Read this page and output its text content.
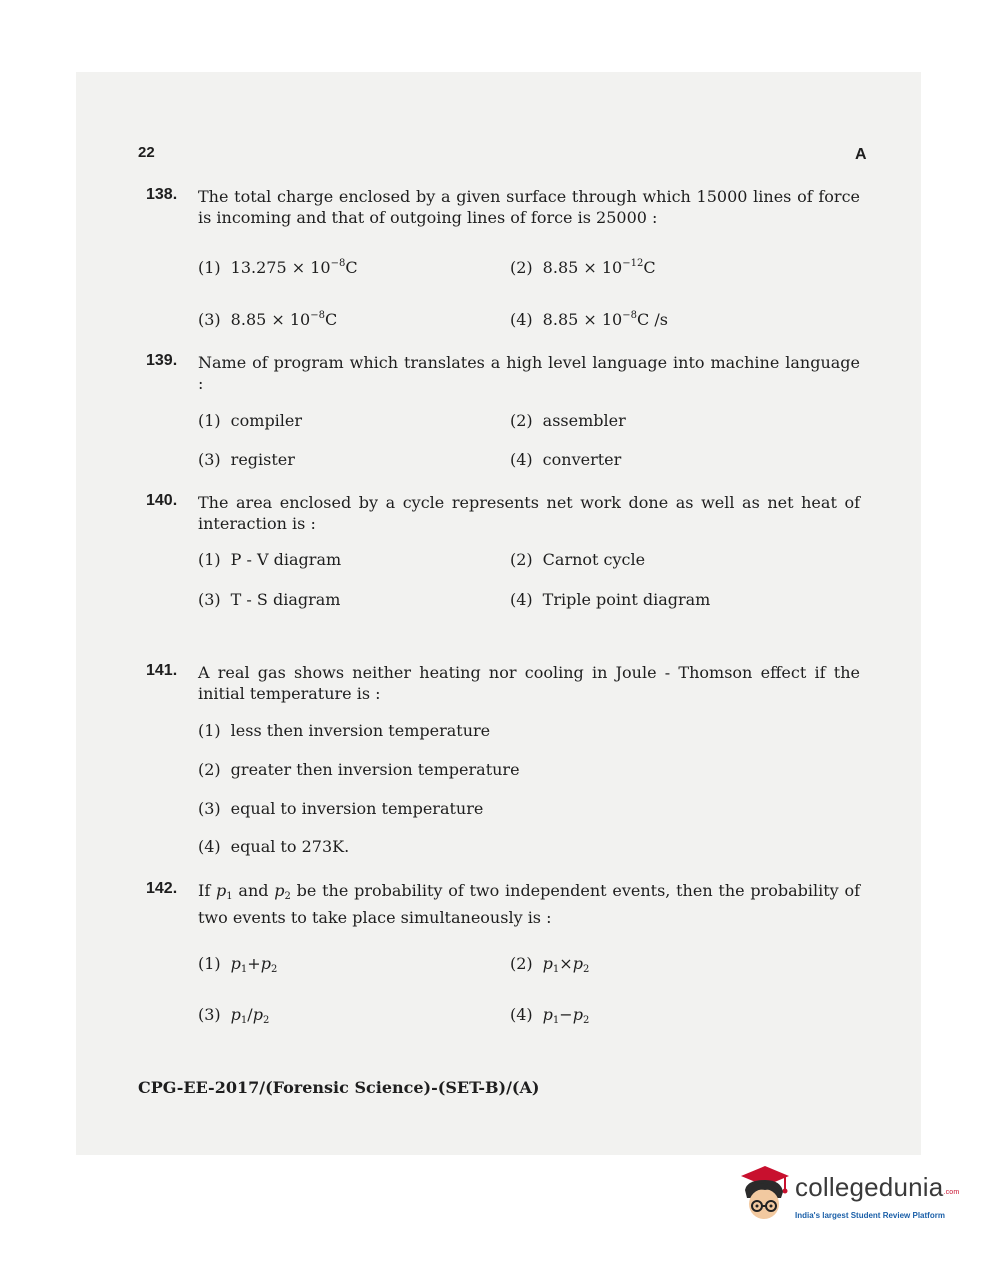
22	A
138. The total charge enclosed by a given surface through which 15000 lines of force is incoming and that of outgoing lines of force is 25000 :
(1) $13.275 \times 10^{-8}C$	(2) $8.85 \times 10^{-12}C$
(3) $8.85 \times 10^{-8}C$	(4) $8.85 \times 10^{-8}C$ /s
139. Name of program which translates a high level language into machine language :
(1) compiler	(2) assembler
(3) register	(4) converter
140. The area enclosed by a cycle represents net work done as well as net heat of interaction is :
(1) P - V diagram	(2) Carnot cycle
(3) T - S diagram	(4) Triple point diagram
141. A real gas shows neither heating nor cooling in Joule - Thomson effect if the initial temperature is :
(1) less then inversion temperature
(2) greater then inversion temperature
(3) equal to inversion temperature
(4) equal to 273K.
142. If $p_1$ and $p_2$ be the probability of two independent events, then the probability of two events to take place simultaneously is :
(1) $p_1+p_2$	(2) $p_1\times p_2$
(3) $p_1/p_2$	(4) $p_1-p_2$
CPG-EE-2017/(Forensic Science)-(SET-B)/(A)
collegedunia.com
India's largest Student Review Platform
